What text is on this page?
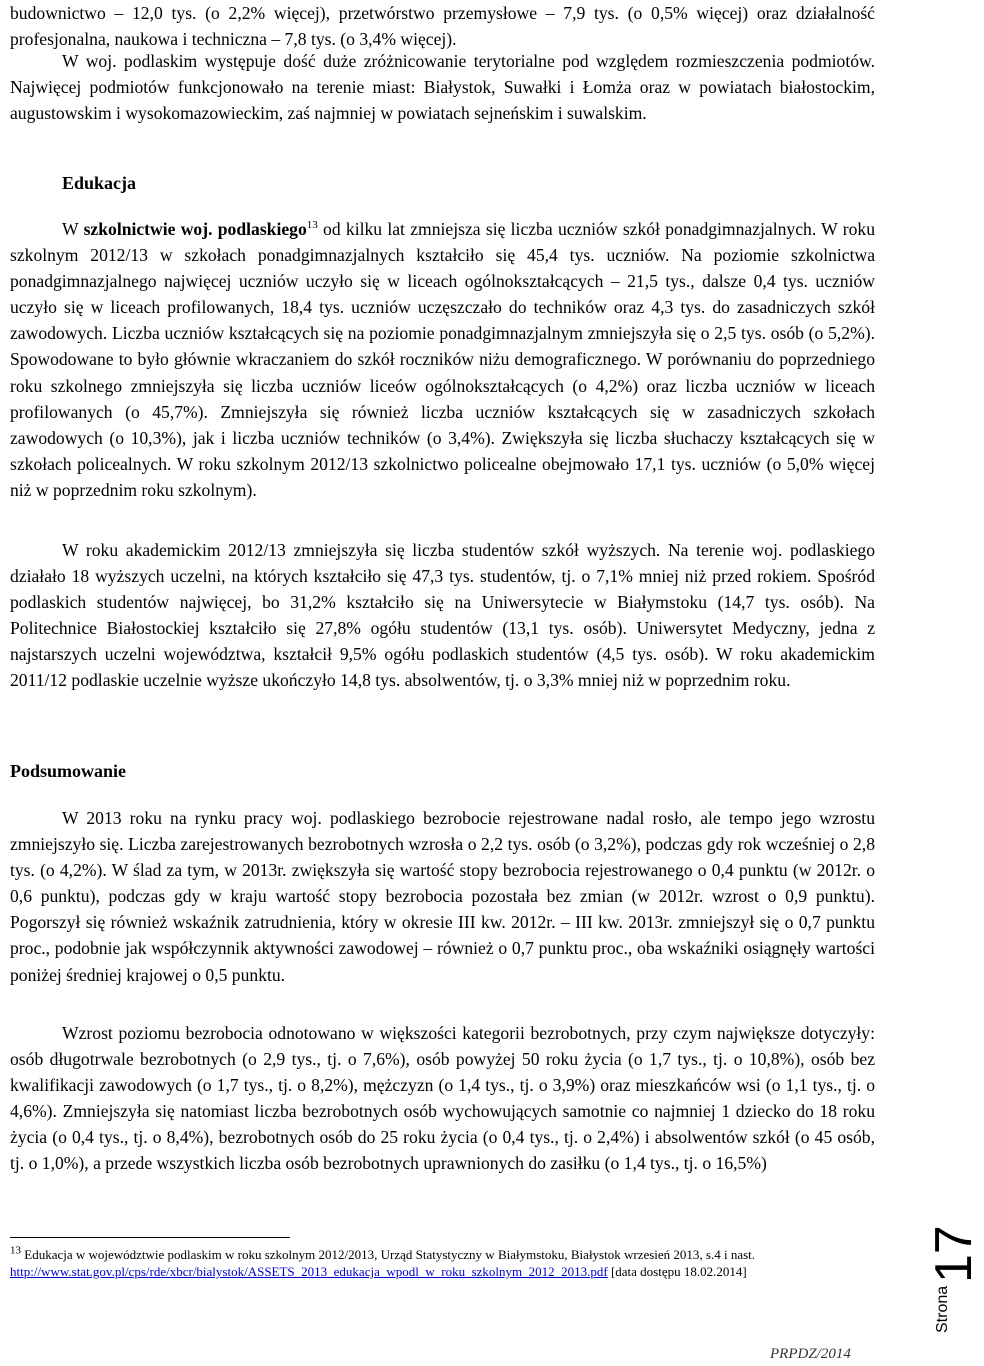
budownictwo – 12,0 tys. (o 2,2% więcej), przetwórstwo przemysłowe – 7,9 tys. (o 0,5% więcej) oraz działalność profesjonalna, naukowa i techniczna – 7,8 tys. (o 3,4% więcej).

W woj. podlaskim występuje dość duże zróżnicowanie terytorialne pod względem rozmieszczenia podmiotów. Najwięcej podmiotów funkcjonowało na terenie miast: Białystok, Suwałki i Łomża oraz w powiatach białostockim, augustowskim i wysokomazowieckim, zaś najmniej w powiatach sejneńskim i suwalskim.

W szkolnictwie woj. podlaskiego$^{13}$ od kilku lat zmniejsza się liczba uczniów szkół ponadgimnazjalnych. W roku szkolnym 2012/13 w szkołach ponadgimnazjalnych kształciło się 45,4 tys. uczniów. Na poziomie szkolnictwa ponadgimnazjalnego najwięcej uczniów uczyło się w liceach ogólnokształcących – 21,5 tys., dalsze 0,4 tys. uczniów uczyło się w liceach profilowanych, 18,4 tys. uczniów uczęszczało do techników oraz 4,3 tys. do zasadniczych szkół zawodowych. Liczba uczniów kształcących się na poziomie ponadgimnazjalnym zmniejszyła się o 2,5 tys. osób (o 5,2%). Spowodowane to było głównie wkraczaniem do szkół roczników niżu demograficznego. W porównaniu do poprzedniego roku szkolnego zmniejszyła się liczba uczniów liceów ogólnokształcących (o 4,2%) oraz liczba uczniów w liceach profilowanych (o 45,7%). Zmniejszyła się również liczba uczniów kształcących się w zasadniczych szkołach zawodowych (o 10,3%), jak i liczba uczniów techników (o 3,4%). Zwiększyła się liczba słuchaczy kształcących się w szkołach policealnych. W roku szkolnym 2012/13 szkolnictwo policealne obejmowało 17,1 tys. uczniów (o 5,0% więcej niż w poprzednim roku szkolnym).

W roku akademickim 2012/13 zmniejszyła się liczba studentów szkół wyższych. Na terenie woj. podlaskiego działało 18 wyższych uczelni, na których kształciło się 47,3 tys. studentów, tj. o 7,1% mniej niż przed rokiem. Spośród podlaskich studentów najwięcej, bo 31,2% kształciło się na Uniwersytecie w Białymstoku (14,7 tys. osób). Na Politechnice Białostockiej kształciło się 27,8% ogółu studentów (13,1 tys. osób). Uniwersytet Medyczny, jedna z najstarszych uczelni województwa, kształcił 9,5% ogółu podlaskich studentów (4,5 tys. osób). W roku akademickim 2011/12 podlaskie uczelnie wyższe ukończyło 14,8 tys. absolwentów, tj. o 3,3% mniej niż w poprzednim roku.

W 2013 roku na rynku pracy woj. podlaskiego bezrobocie rejestrowane nadal rosło, ale tempo jego wzrostu zmniejszyło się. Liczba zarejestrowanych bezrobotnych wzrosła o 2,2 tys. osób (o 3,2%), podczas gdy rok wcześniej o 2,8 tys. (o 4,2%). W ślad za tym, w 2013r. zwiększyła się wartość stopy bezrobocia rejestrowanego o 0,4 punktu (w 2012r. o 0,6 punktu), podczas gdy w kraju wartość stopy bezrobocia pozostała bez zmian (w 2012r. wzrost o 0,9 punktu). Pogorszył się również wskaźnik zatrudnienia, który w okresie III kw. 2012r. – III kw. 2013r. zmniejszył się o 0,7 punktu proc., podobnie jak współczynnik aktywności zawodowej – również o 0,7 punktu proc., oba wskaźniki osiągnęły wartości poniżej średniej krajowej o 0,5 punktu.

Wzrost poziomu bezrobocia odnotowano w większości kategorii bezrobotnych, przy czym największe dotyczyły: osób długotrwale bezrobotnych (o 2,9 tys., tj. o 7,6%), osób powyżej 50 roku życia (o 1,7 tys., tj. o 10,8%), osób bez kwalifikacji zawodowych (o 1,7 tys., tj. o 8,2%), mężczyzn (o 1,4 tys., tj. o 3,9%) oraz mieszkańców wsi (o 1,1 tys., tj. o 4,6%). Zmniejszyła się natomiast liczba bezrobotnych osób wychowujących samotnie co najmniej 1 dziecko do 18 roku życia (o 0,4 tys., tj. o 8,4%), bezrobotnych osób do 25 roku życia (o 0,4 tys., tj. o 2,4%) i absolwentów szkół (o 45 osób, tj. o 1,0%), a przede wszystkich liczba osób bezrobotnych uprawnionych do zasiłku (o 1,4 tys., tj. o 16,5%)

Edukacja
Podsumowanie
$^{13}$ Edukacja w województwie podlaskim w roku szkolnym 2012/2013, Urząd Statystyczny w Białymstoku, Białystok wrzesień 2013, s.4 i nast. http://www.stat.gov.pl/cps/rde/xbcr/bialystok/ASSETS_2013_edukacja_wpodl_w_roku_szkolnym_2012_2013.pdf [data dostępu 18.02.2014]	17
Strona
PRPDZ/2014
